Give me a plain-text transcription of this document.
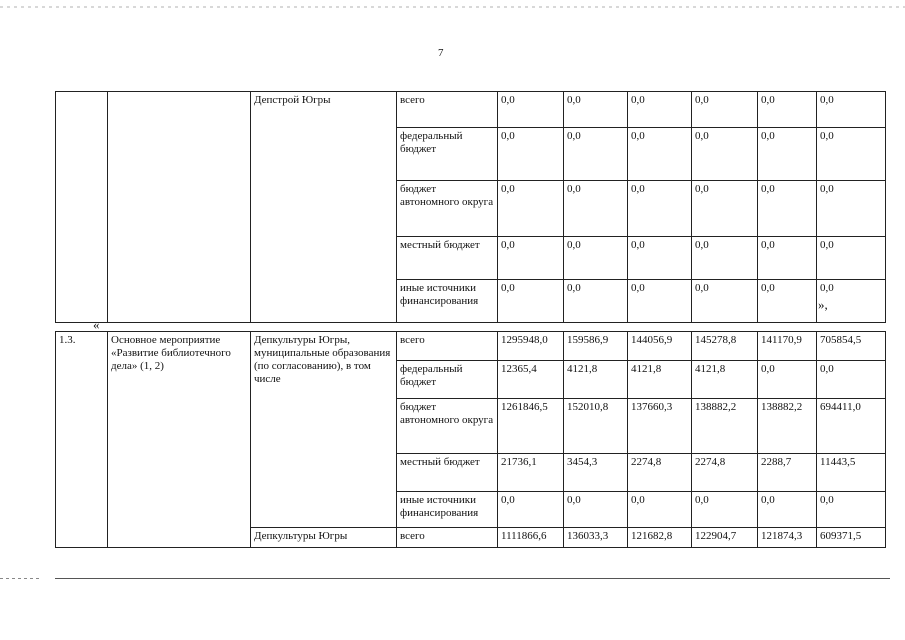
7
		Депстрой Югры	всего	0,0	0,0	0,0	0,0	0,0	0,0
			федеральный бюджет	0,0	0,0	0,0	0,0	0,0	0,0
			бюджет автономного округа	0,0	0,0	0,0	0,0	0,0	0,0
			местный бюджет	0,0	0,0	0,0	0,0	0,0	0,0
			иные источники финансирования	0,0	0,0	0,0	0,0	0,0	0,0
»,
«
1.3.	Основное мероприятие «Развитие библиотечного дела» (1, 2)	Депкультуры Югры, муниципальные образования (по согласованию), в том числе	всего	1295948,0	159586,9	144056,9	145278,8	141170,9	705854,5
			федеральный бюджет	12365,4	4121,8	4121,8	4121,8	0,0	0,0
			бюджет автономного округа	1261846,5	152010,8	137660,3	138882,2	138882,2	694411,0
			местный бюджет	21736,1	3454,3	2274,8	2274,8	2288,7	11443,5
			иные источники финансирования	0,0	0,0	0,0	0,0	0,0	0,0
		Депкультуры Югры	всего	1111866,6	136033,3	121682,8	122904,7	121874,3	609371,5
